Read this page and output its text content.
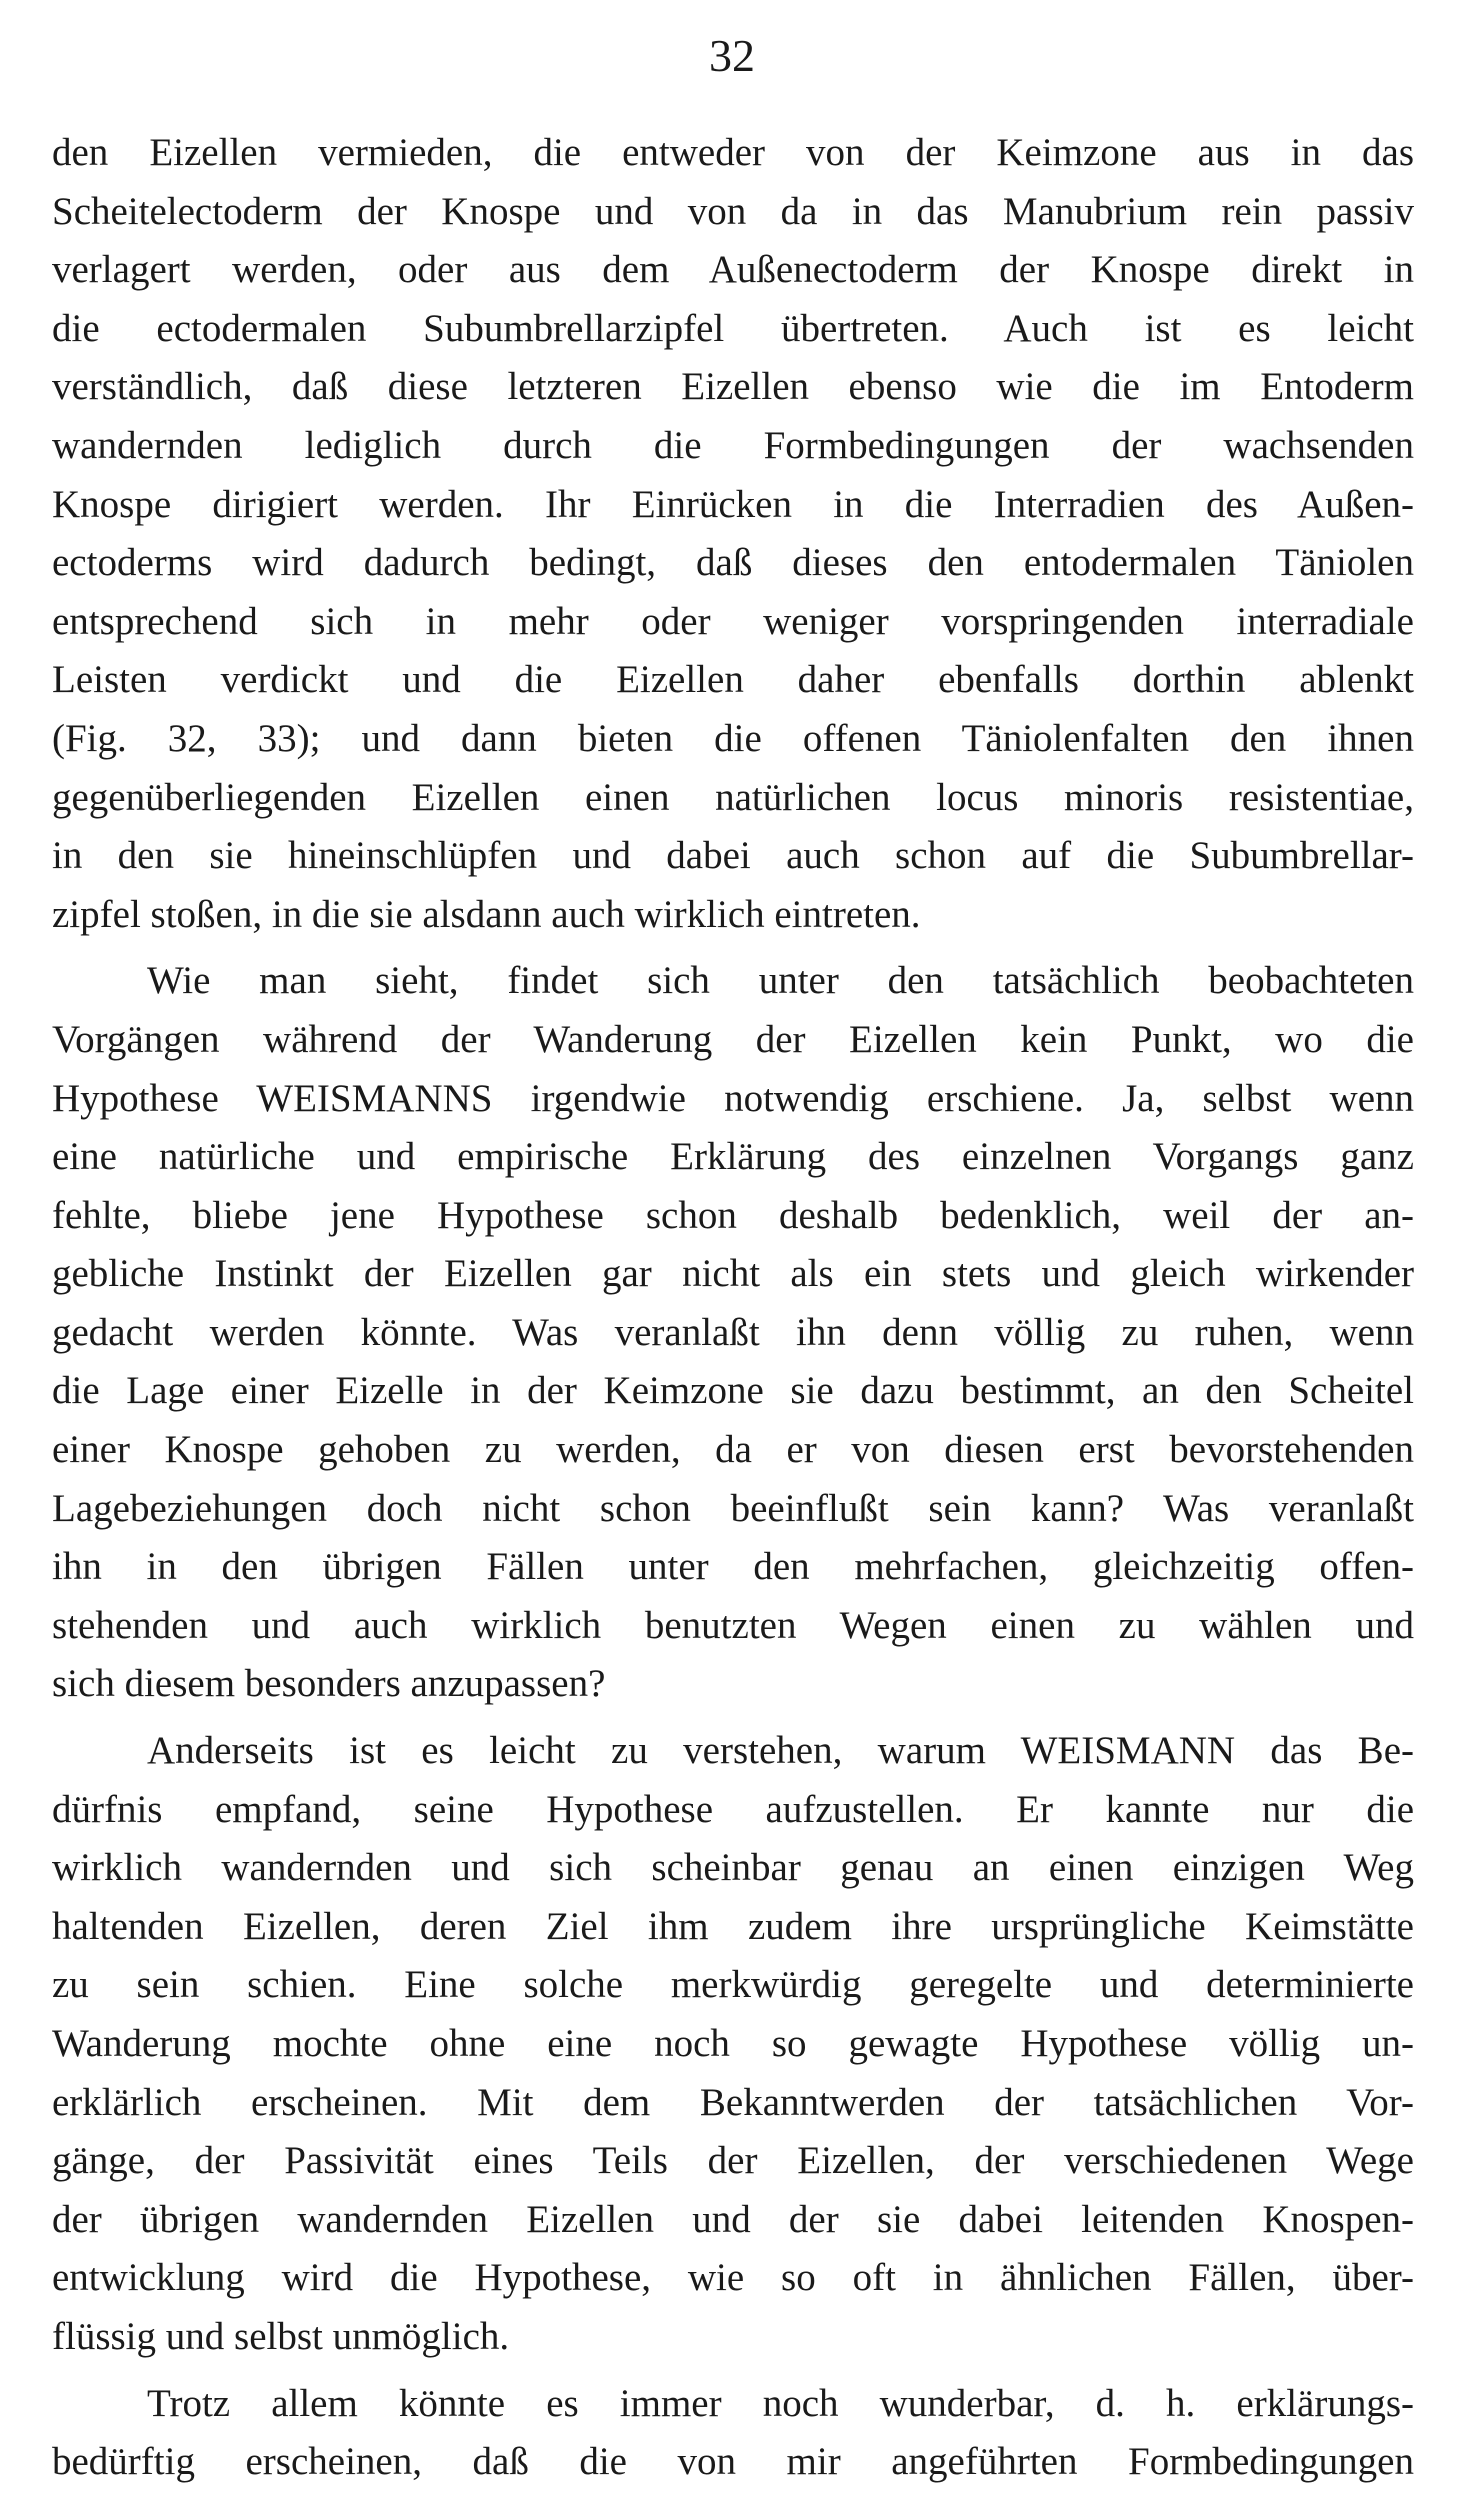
32
den Eizellen vermieden, die entweder von der Keimzone aus in das
Scheitelectoderm der Knospe und von da in das Manubrium rein passiv
verlagert werden, oder aus dem Außenectoderm der Knospe direkt in
die ectodermalen Subumbrellarzipfel übertreten. Auch ist es leicht
verständlich, daß diese letzteren Eizellen ebenso wie die im Entoderm
wandernden lediglich durch die Formbedingungen der wachsenden
Knospe dirigiert werden. Ihr Einrücken in die Interradien des Außen-
ectoderms wird dadurch bedingt, daß dieses den entodermalen Täniolen
entsprechend sich in mehr oder weniger vorspringenden interradiale
Leisten verdickt und die Eizellen daher ebenfalls dorthin ablenkt
(Fig. 32, 33); und dann bieten die offenen Täniolenfalten den ihnen
gegenüberliegenden Eizellen einen natürlichen locus minoris resistentiae,
in den sie hineinschlüpfen und dabei auch schon auf die Subumbrellar-
zipfel stoßen, in die sie alsdann auch wirklich eintreten.
Wie man sieht, findet sich unter den tatsächlich beobachteten
Vorgängen während der Wanderung der Eizellen kein Punkt, wo die
Hypothese WEISMANNS irgendwie notwendig erschiene. Ja, selbst wenn
eine natürliche und empirische Erklärung des einzelnen Vorgangs ganz
fehlte, bliebe jene Hypothese schon deshalb bedenklich, weil der an-
gebliche Instinkt der Eizellen gar nicht als ein stets und gleich wirkender
gedacht werden könnte. Was veranlaßt ihn denn völlig zu ruhen, wenn
die Lage einer Eizelle in der Keimzone sie dazu bestimmt, an den Scheitel
einer Knospe gehoben zu werden, da er von diesen erst bevorstehenden
Lagebeziehungen doch nicht schon beeinflußt sein kann? Was veranlaßt
ihn in den übrigen Fällen unter den mehrfachen, gleichzeitig offen-
stehenden und auch wirklich benutzten Wegen einen zu wählen und
sich diesem besonders anzupassen?
Anderseits ist es leicht zu verstehen, warum WEISMANN das Be-
dürfnis empfand, seine Hypothese aufzustellen. Er kannte nur die
wirklich wandernden und sich scheinbar genau an einen einzigen Weg
haltenden Eizellen, deren Ziel ihm zudem ihre ursprüngliche Keimstätte
zu sein schien. Eine solche merkwürdig geregelte und determinierte
Wanderung mochte ohne eine noch so gewagte Hypothese völlig un-
erklärlich erscheinen. Mit dem Bekanntwerden der tatsächlichen Vor-
gänge, der Passivität eines Teils der Eizellen, der verschiedenen Wege
der übrigen wandernden Eizellen und der sie dabei leitenden Knospen-
entwicklung wird die Hypothese, wie so oft in ähnlichen Fällen, über-
flüssig und selbst unmöglich.
Trotz allem könnte es immer noch wunderbar, d. h. erklärungs-
bedürftig erscheinen, daß die von mir angeführten Formbedingungen
